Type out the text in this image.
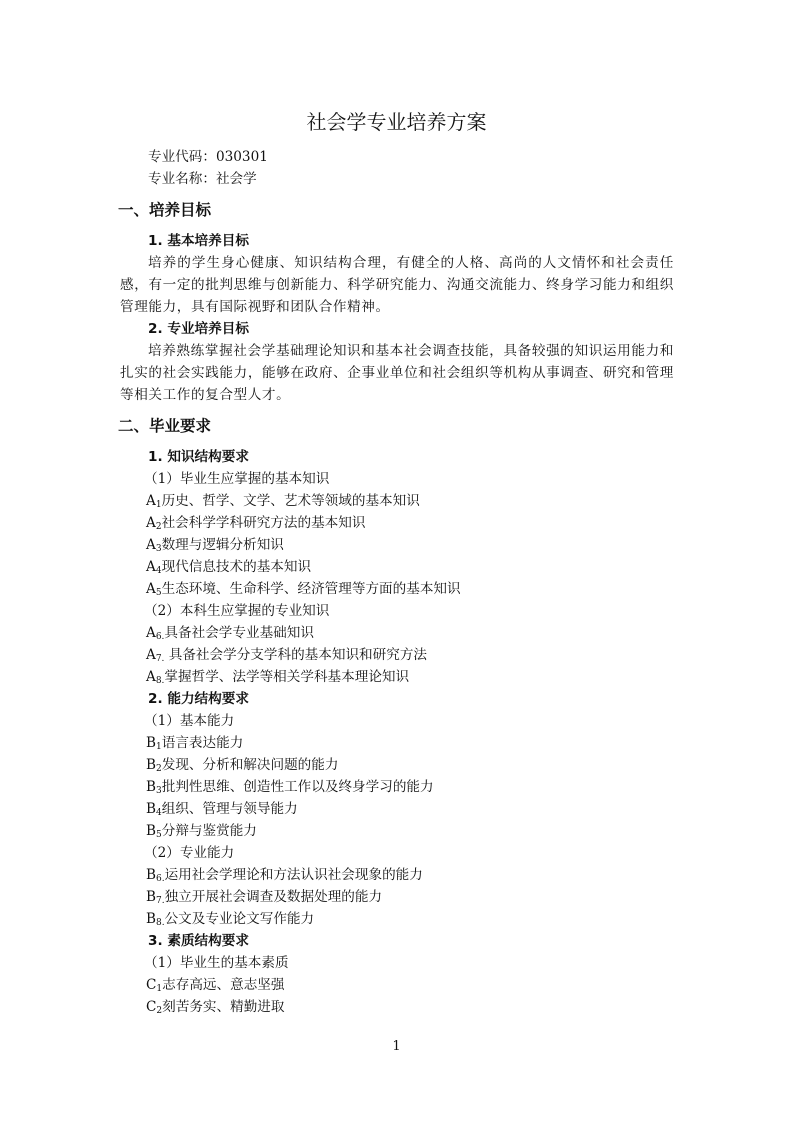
社会学专业培养方案
专业代码：030301
专业名称：社会学
一、培养目标
1. 基本培养目标
培养的学生身心健康、知识结构合理，有健全的人格、高尚的人文情怀和社会责任感，有一定的批判思维与创新能力、科学研究能力、沟通交流能力、终身学习能力和组织管理能力，具有国际视野和团队合作精神。
2. 专业培养目标
培养熟练掌握社会学基础理论知识和基本社会调查技能，具备较强的知识运用能力和扎实的社会实践能力，能够在政府、企事业单位和社会组织等机构从事调查、研究和管理等相关工作的复合型人才。
二、毕业要求
1. 知识结构要求
（1）毕业生应掌握的基本知识
$A_1$历史、哲学、文学、艺术等领域的基本知识
$A_2$社会科学学科研究方法的基本知识
$A_3$数理与逻辑分析知识
$A_4$现代信息技术的基本知识
$A_5$生态环境、生命科学、经济管理等方面的基本知识
（2）本科生应掌握的专业知识
$A_{6.}$具备社会学专业基础知识
$A_{7.}$ 具备社会学分支学科的基本知识和研究方法
$A_{8.}$掌握哲学、法学等相关学科基本理论知识
2. 能力结构要求
（1）基本能力
$B_1$语言表达能力
$B_2$发现、分析和解决问题的能力
$B_3$批判性思维、创造性工作以及终身学习的能力
$B_4$组织、管理与领导能力
$B_5$分辩与鉴赏能力
（2）专业能力
$B_{6.}$运用社会学理论和方法认识社会现象的能力
$B_{7.}$独立开展社会调查及数据处理的能力
$B_{8.}$公文及专业论文写作能力
3. 素质结构要求
（1）毕业生的基本素质
$C_1$志存高远、意志坚强
$C_2$刻苦务实、精勤进取
1
